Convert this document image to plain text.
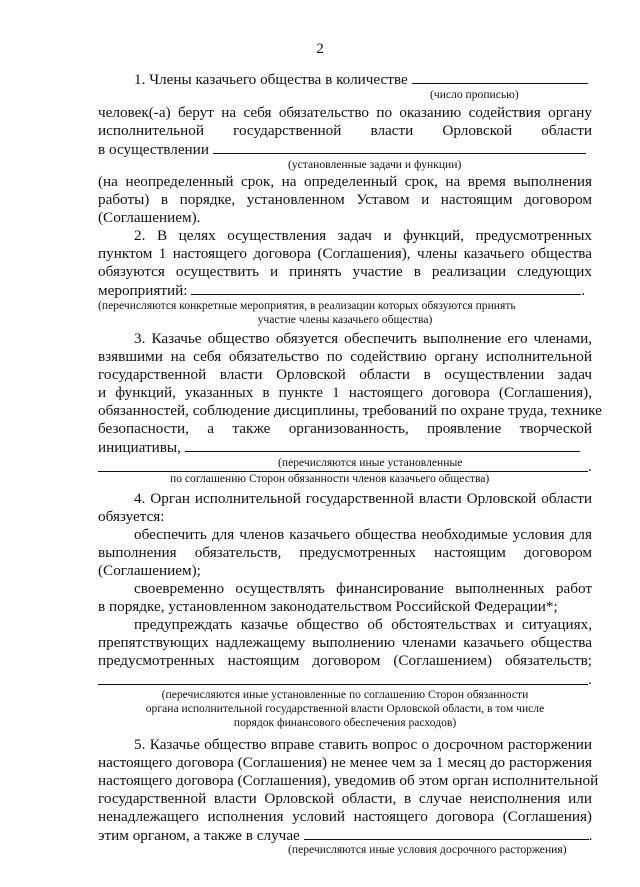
2
1. Члены казачьего общества в количестве
(число прописью)
человек(-а) берут на себя обязательство по оказанию содействия органу
исполнительной государственной власти Орловской области
в осуществлении
(установленные задачи и функции)
(на неопределенный срок, на определенный срок, на время выполнения
работы) в порядке, установленном Уставом и настоящим договором
(Соглашением).
2. В целях осуществления задач и функций, предусмотренных
пунктом 1 настоящего договора (Соглашения), члены казачьего общества
обязуются осуществить и принять участие в реализации следующих
мероприятий:	.
(перечисляются конкретные мероприятия, в реализации которых обязуются принять
участие члены казачьего общества)
3. Казачье общество обязуется обеспечить выполнение его членами,
взявшими на себя обязательство по содействию органу исполнительной
государственной власти Орловской области в осуществлении задач
и функций, указанных в пункте 1 настоящего договора (Соглашения),
обязанностей, соблюдение дисциплины, требований по охране труда, технике
безопасности, а также организованность, проявление творческой
инициативы,
(перечисляются иные установленные	.
по соглашению Сторон обязанности членов казачьего общества)
4. Орган исполнительной государственной власти Орловской области
обязуется:
обеспечить для членов казачьего общества необходимые условия для
выполнения обязательств, предусмотренных настоящим договором
(Соглашением);
своевременно осуществлять финансирование выполненных работ
в порядке, установленном законодательством Российской Федерации*;
предупреждать казачье общество об обстоятельствах и ситуациях,
препятствующих надлежащему выполнению членами казачьего общества
предусмотренных настоящим договором (Соглашением) обязательств;
.
(перечисляются иные установленные по соглашению Сторон обязанности
органа исполнительной государственной власти Орловской области, в том числе
порядок финансового обеспечения расходов)
5. Казачье общество вправе ставить вопрос о досрочном расторжении
настоящего договора (Соглашения) не менее чем за 1 месяц до расторжения
настоящего договора (Соглашения), уведомив об этом орган исполнительной
государственной власти Орловской области, в случае неисполнения или
ненадлежащего исполнения условий настоящего договора (Соглашения)
этим органом, а также в случае	.
(перечисляются иные условия досрочного расторжения)
